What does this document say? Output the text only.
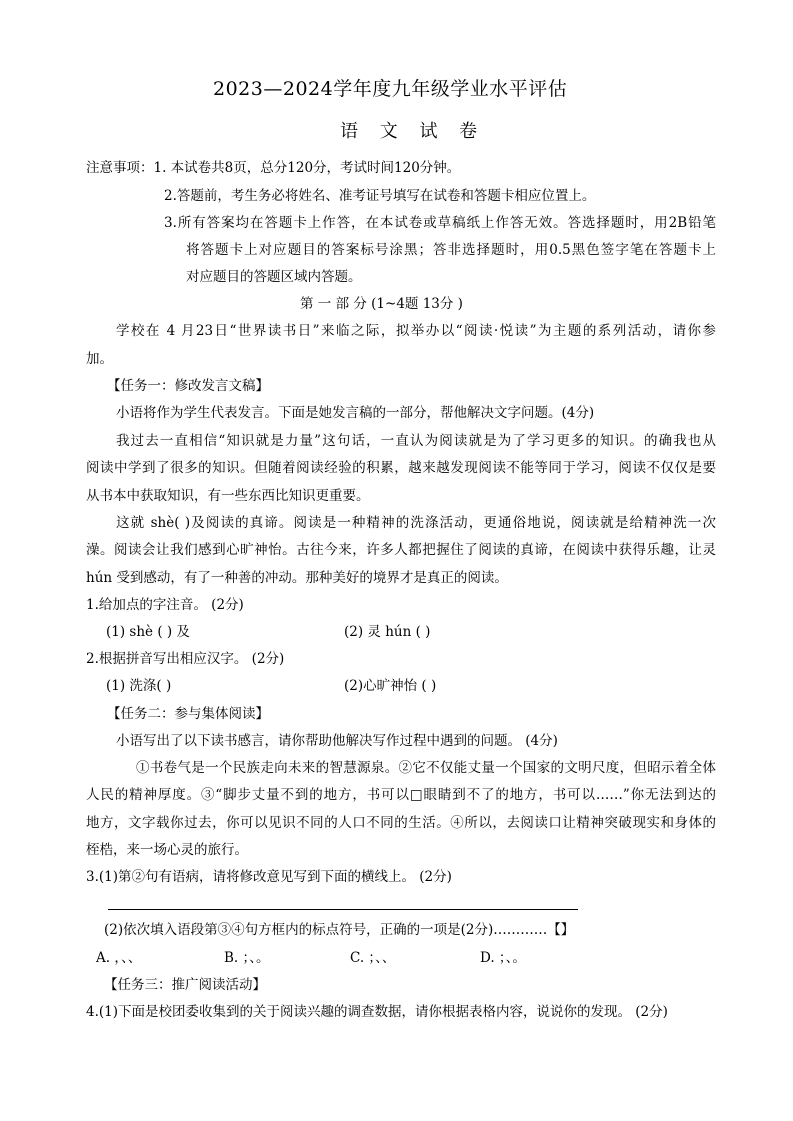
2023—2024学年度九年级学业水平评估
语 文 试 卷
注意事项：1. 本试卷共8页，总分120分，考试时间120分钟。
2.答题前，考生务必将姓名、准考证号填写在试卷和答题卡相应位置上。
3.所有答案均在答题卡上作答，在本试卷或草稿纸上作答无效。答选择题时，用2B铅笔
将答题卡上对应题目的答案标号涂黑；答非选择题时，用0.5黑色签字笔在答题卡上
对应题目的答题区域内答题。
第 一 部 分 (1~4题 13分 )
学校在 4 月23日“世界读书日”来临之际，拟举办以“阅读·悦读”为主题的系列活动，请你参
加。
【任务一：修改发言文稿】
小语将作为学生代表发言。下面是她发言稿的一部分，帮他解决文字问题。(4分)
我过去一直相信“知识就是力量”这句话，一直认为阅读就是为了学习更多的知识。的确我也从
阅读中学到了很多的知识。但随着阅读经验的积累，越来越发现阅读不能等同于学习，阅读不仅仅是要
从书本中获取知识，有一些东西比知识更重要。
这就 shè( )及阅读的真谛。阅读是一种精神的洗涤活动，更通俗地说，阅读就是给精神洗一次
澡。阅读会让我们感到心旷神怡。古往今来，许多人都把握住了阅读的真谛，在阅读中获得乐趣，让灵
hún 受到感动，有了一种善的冲动。那种美好的境界才是真正的阅读。
1.给加点的字注音。 (2分)
(1) shè ( ) 及	(2) 灵 hún ( )
2.根据拼音写出相应汉字。 (2分)
(1) 洗涤( )	(2)心旷神怡 ( )
【任务二：参与集体阅读】
小语写出了以下读书感言，请你帮助他解决写作过程中遇到的问题。 (4分)
①书卷气是一个民族走向未来的智慧源泉。②它不仅能丈量一个国家的文明尺度，但昭示着全体
人民的精神厚度。③“脚步丈量不到的地方，书可以□眼睛到不了的地方，书可以……”你无法到达的
地方，文字载你过去，你可以见识不同的人口不同的生活。④所以，去阅读口让精神突破现实和身体的
桎梏，来一场心灵的旅行。
3.(1)第②句有语病，请将修改意见写到下面的横线上。 (2分)
(2)依次填入语段第③④句方框内的标点符号，正确的一项是(2分)…………【】
A. ，、、	B. ；、。	C. ；、、	D. ；、。
【任务三：推广阅读活动】
4.(1)下面是校团委收集到的关于阅读兴趣的调查数据，请你根据表格内容，说说你的发现。 (2分)
